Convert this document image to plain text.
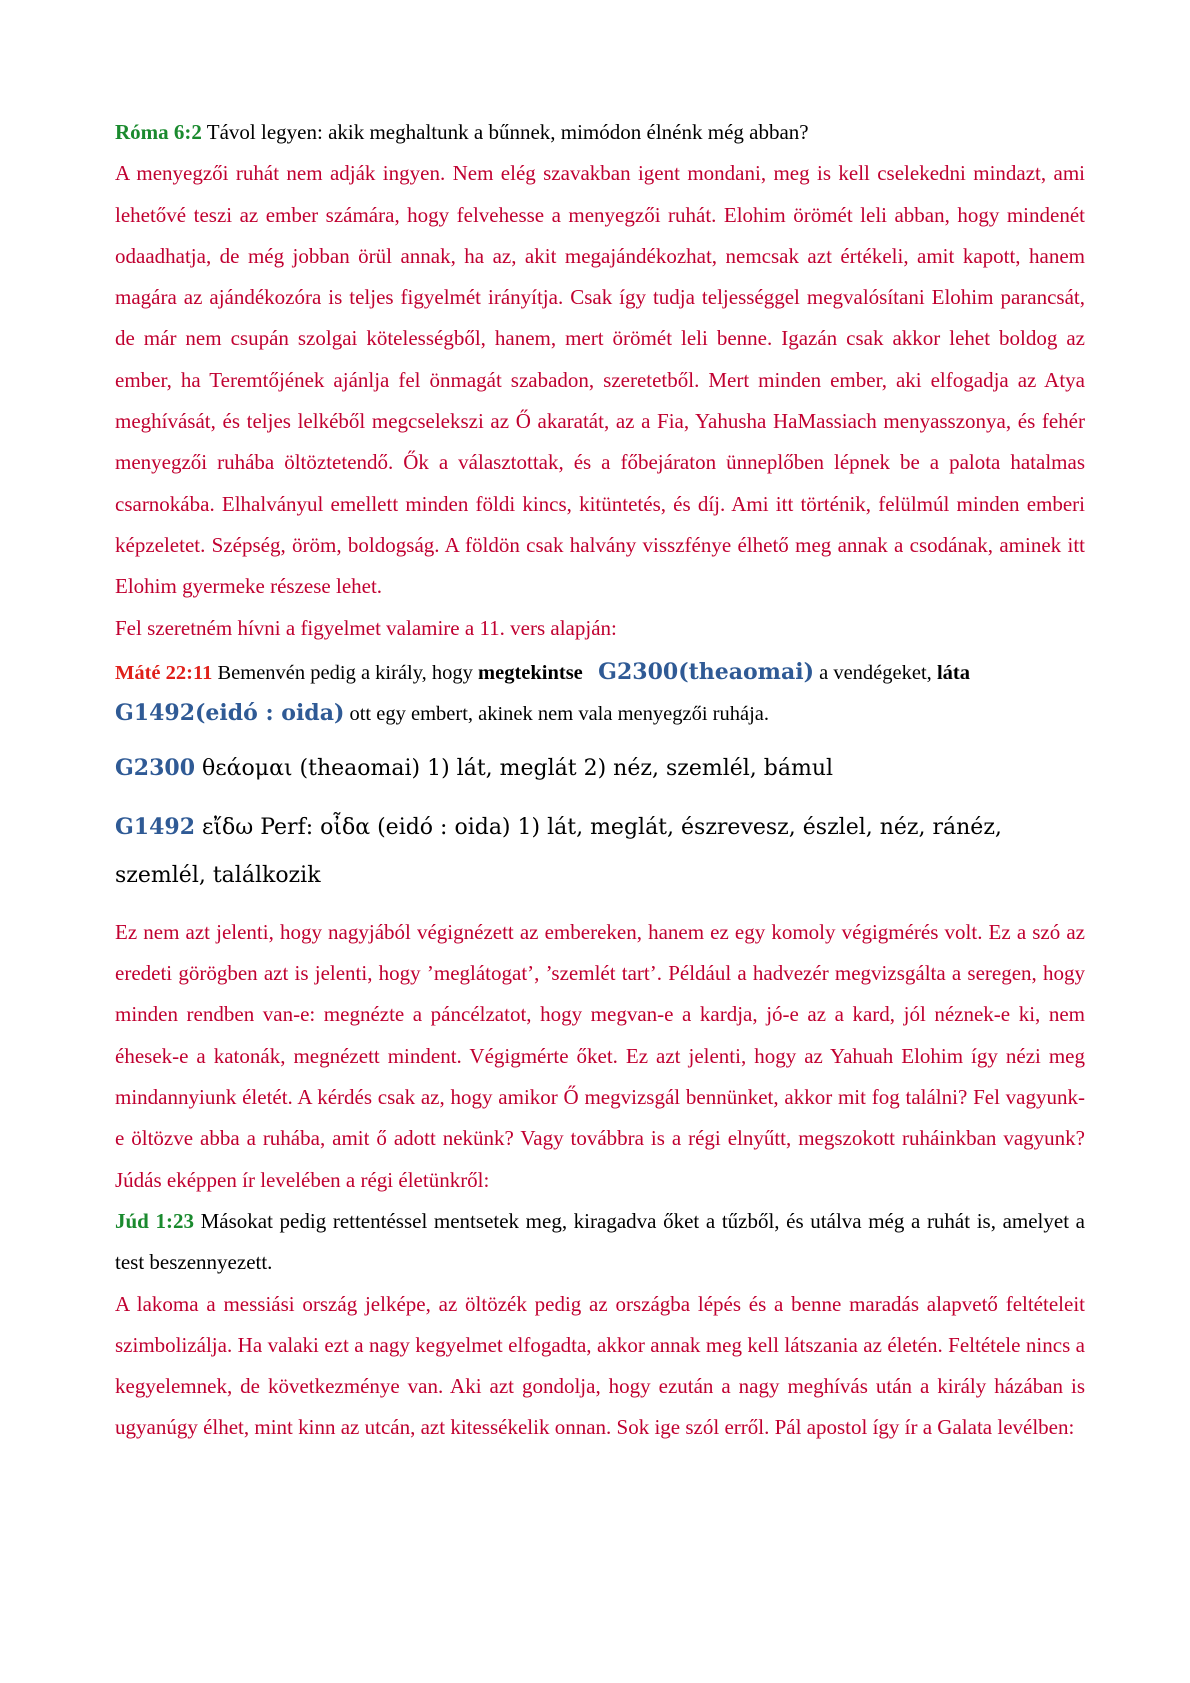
Róma 6:2 Távol legyen: akik meghaltunk a bűnnek, mimódon élnénk még abban?

A menyegzői ruhát nem adják ingyen. Nem elég szavakban igent mondani, meg is kell cselekedni mindazt, ami lehetővé teszi az ember számára, hogy felvehesse a menyegzői ruhát. Elohim örömét leli abban, hogy mindenét odaadhatja, de még jobban örül annak, ha az, akit megajándékozhat, nemcsak azt értékeli, amit kapott, hanem magára az ajándékozóra is teljes figyelmét irányítja. Csak így tudja teljességgel megvalósítani Elohim parancsát, de már nem csupán szolgai kötelességből, hanem, mert örömét leli benne. Igazán csak akkor lehet boldog az ember, ha Teremtőjének ajánlja fel önmagát szabadon, szeretetből. Mert minden ember, aki elfogadja az Atya meghívását, és teljes lelkéből megcselekszi az Ő akaratát, az a Fia, Yahusha HaMassiach menyasszonya, és fehér menyegzői ruhába öltöztetendő. Ők a választottak, és a főbejáraton ünneplőben lépnek be a palota hatalmas csarnokába. Elhalványul emellett minden földi kincs, kitüntetés, és díj. Ami itt történik, felülmúl minden emberi képzeletet. Szépség, öröm, boldogság. A földön csak halvány visszfénye élhető meg annak a csodának, aminek itt Elohim gyermeke részese lehet.

Fel szeretném hívni a figyelmet valamire a 11. vers alapján:

Máté 22:11 Bemenvén pedig a király, hogy megtekintse G2300(theaomai) a vendégeket, láta
G1492(eidó : oida) ott egy embert, akinek nem vala menyegzői ruhája.

G2300 θεάομαι (theaomai) 1) lát, meglát 2) néz, szemlél, bámul

G1492 εἴδω Perf: οἶδα (eidó : oida) 1) lát, meglát, észrevesz, észlel, néz, ránéz, szemlél, találkozik

Ez nem azt jelenti, hogy nagyjából végignézett az embereken, hanem ez egy komoly végigmérés volt. Ez a szó az eredeti görögben azt is jelenti, hogy ’meglátogat’, ’szemlét tart’. Például a hadvezér megvizsgálta a seregen, hogy minden rendben van-e: megnézte a páncélzatot, hogy megvan-e a kardja, jó-e az a kard, jól néznek-e ki, nem éhesek-e a katonák, megnézett mindent. Végigmérte őket. Ez azt jelenti, hogy az Yahuah Elohim így nézi meg mindannyiunk életét. A kérdés csak az, hogy amikor Ő megvizsgál bennünket, akkor mit fog találni? Fel vagyunk-e öltözve abba a ruhába, amit ő adott nekünk? Vagy továbbra is a régi elnyűtt, megszokott ruháinkban vagyunk? Júdás eképpen ír levelében a régi életünkről:

Júd 1:23 Másokat pedig rettentéssel mentsetek meg, kiragadva őket a tűzből, és utálva még a ruhát is, amelyet a test beszennyezett.

A lakoma a messiási ország jelképe, az öltözék pedig az országba lépés és a benne maradás alapvető feltételeit szimbolizálja. Ha valaki ezt a nagy kegyelmet elfogadta, akkor annak meg kell látszania az életén. Feltétele nincs a kegyelemnek, de következménye van. Aki azt gondolja, hogy ezután a nagy meghívás után a király házában is ugyanúgy élhet, mint kinn az utcán, azt kitessékelik onnan. Sok ige szól erről. Pál apostol így ír a Galata levélben:
